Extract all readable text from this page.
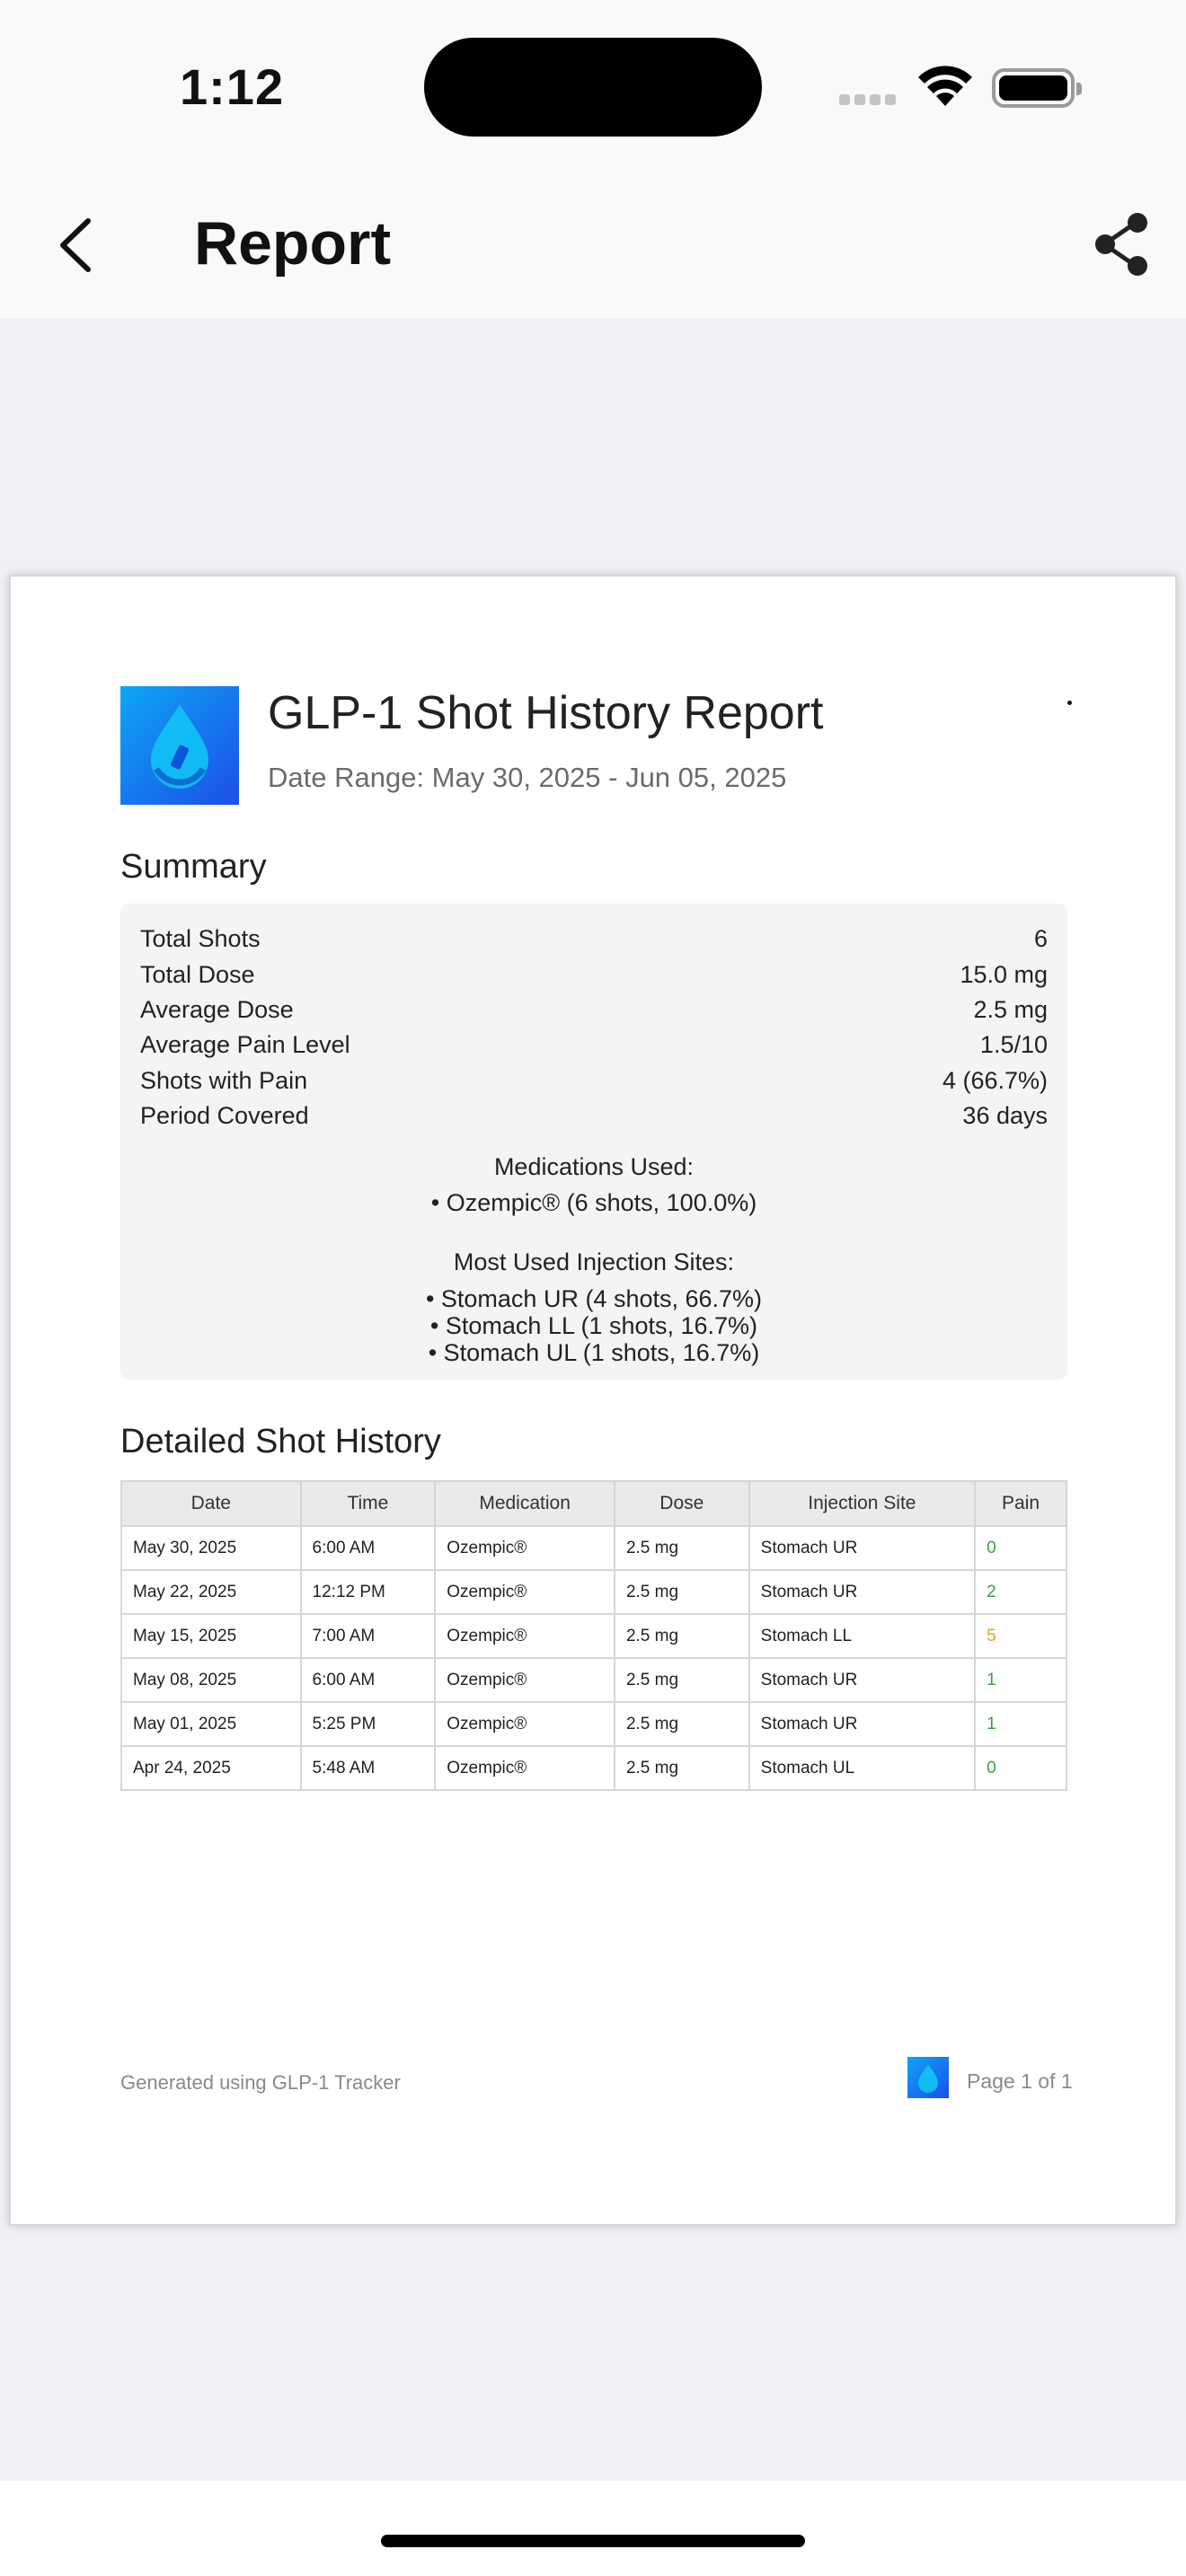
1:12
Report
GLP-1 Shot History Report
Date Range: May 30, 2025 - Jun 05, 2025
Summary
Total Shots	6
Total Dose	15.0 mg
Average Dose	2.5 mg
Average Pain Level	1.5/10
Shots with Pain	4 (66.7%)
Period Covered	36 days
Medications Used:
• Ozempic® (6 shots, 100.0%)
Most Used Injection Sites:
• Stomach UR (4 shots, 66.7%)
• Stomach LL (1 shots, 16.7%)
• Stomach UL (1 shots, 16.7%)
Detailed Shot History
Date	Time	Medication	Dose	Injection Site	Pain
May 30, 2025	6:00 AM	Ozempic®	2.5 mg	Stomach UR	0
May 22, 2025	12:12 PM	Ozempic®	2.5 mg	Stomach UR	2
May 15, 2025	7:00 AM	Ozempic®	2.5 mg	Stomach LL	5
May 08, 2025	6:00 AM	Ozempic®	2.5 mg	Stomach UR	1
May 01, 2025	5:25 PM	Ozempic®	2.5 mg	Stomach UR	1
Apr 24, 2025	5:48 AM	Ozempic®	2.5 mg	Stomach UL	0
Generated using GLP-1 Tracker	Page 1 of 1
